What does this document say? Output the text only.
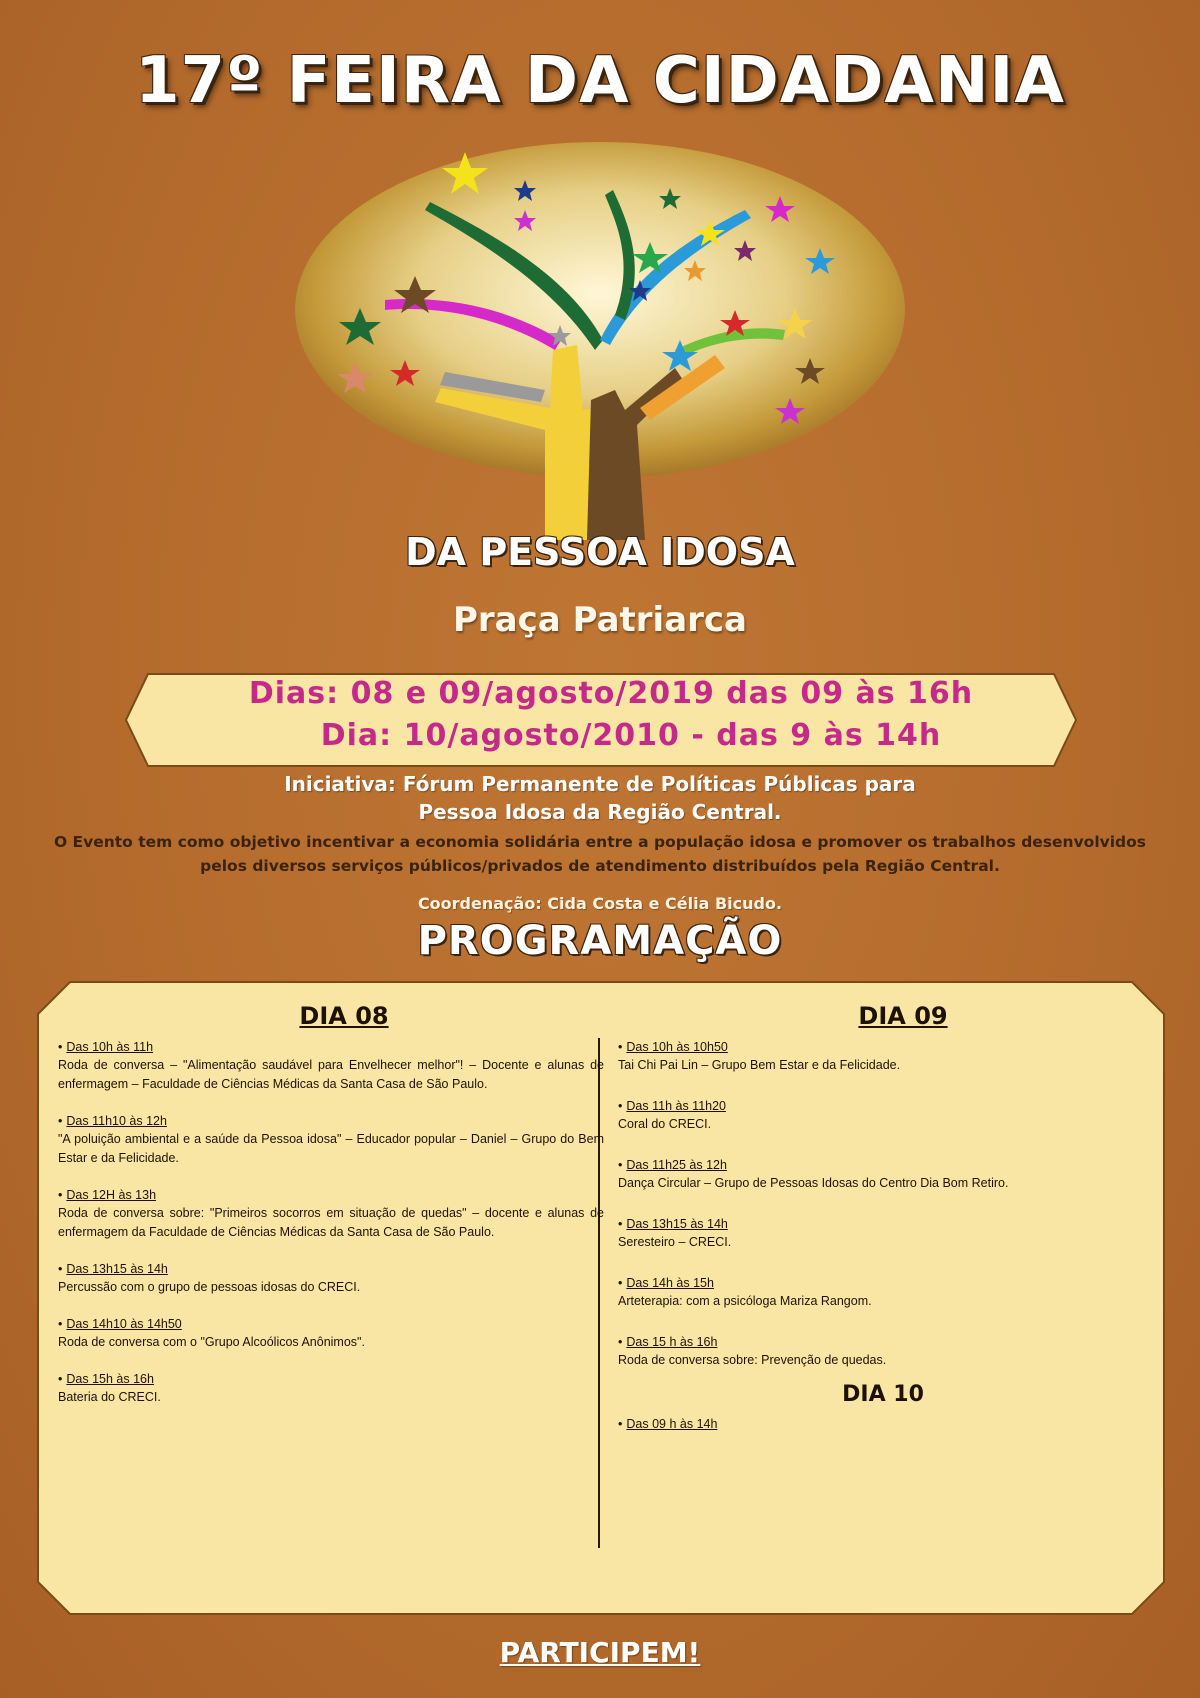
17º FEIRA DA CIDADANIA
DA PESSOA IDOSA
Praça Patriarca
Dias: 08 e 09/agosto/2019 das 09 às 16h
Dia: 10/agosto/2010 - das 9 às 14h
Iniciativa: Fórum Permanente de Políticas Públicas para
Pessoa Idosa da Região Central.
O Evento tem como objetivo incentivar a economia solidária entre a população idosa e promover os trabalhos desenvolvidos pelos diversos serviços públicos/privados de atendimento distribuídos pela Região Central.
Coordenação: Cida Costa e Célia Bicudo.
PROGRAMAÇÃO
DIA 08
• Das 10h às 11h
Roda de conversa – "Alimentação saudável para Envelhecer melhor"! – Docente e alunas de enfermagem – Faculdade de Ciências Médicas da Santa Casa de São Paulo.
• Das 11h10 às 12h
"A poluição ambiental e a saúde da Pessoa idosa" – Educador popular – Daniel – Grupo do Bem Estar e da Felicidade.
• Das 12H às 13h
Roda de conversa sobre: "Primeiros socorros em situação de quedas" – docente e alunas de enfermagem da Faculdade de Ciências Médicas da Santa Casa de São Paulo.
• Das 13h15 às 14h
Percussão com o grupo de pessoas idosas do CRECI.
• Das 14h10 às 14h50
Roda de conversa com o "Grupo Alcoólicos Anônimos".
• Das 15h às 16h
Bateria do CRECI.
DIA 09
• Das 10h às 10h50
Tai Chi Pai Lin – Grupo Bem Estar e da Felicidade.
• Das 11h às 11h20
Coral do CRECI.
• Das 11h25 às 12h
Dança Circular – Grupo de Pessoas Idosas do Centro Dia Bom Retiro.
• Das 13h15 às 14h
Seresteiro – CRECI.
• Das 14h às 15h
Arteterapia: com a psicóloga Mariza Rangom.
• Das 15 h às 16h
Roda de conversa sobre: Prevenção de quedas.
DIA 10
• Das 09 h às 14h
PARTICIPEM!
